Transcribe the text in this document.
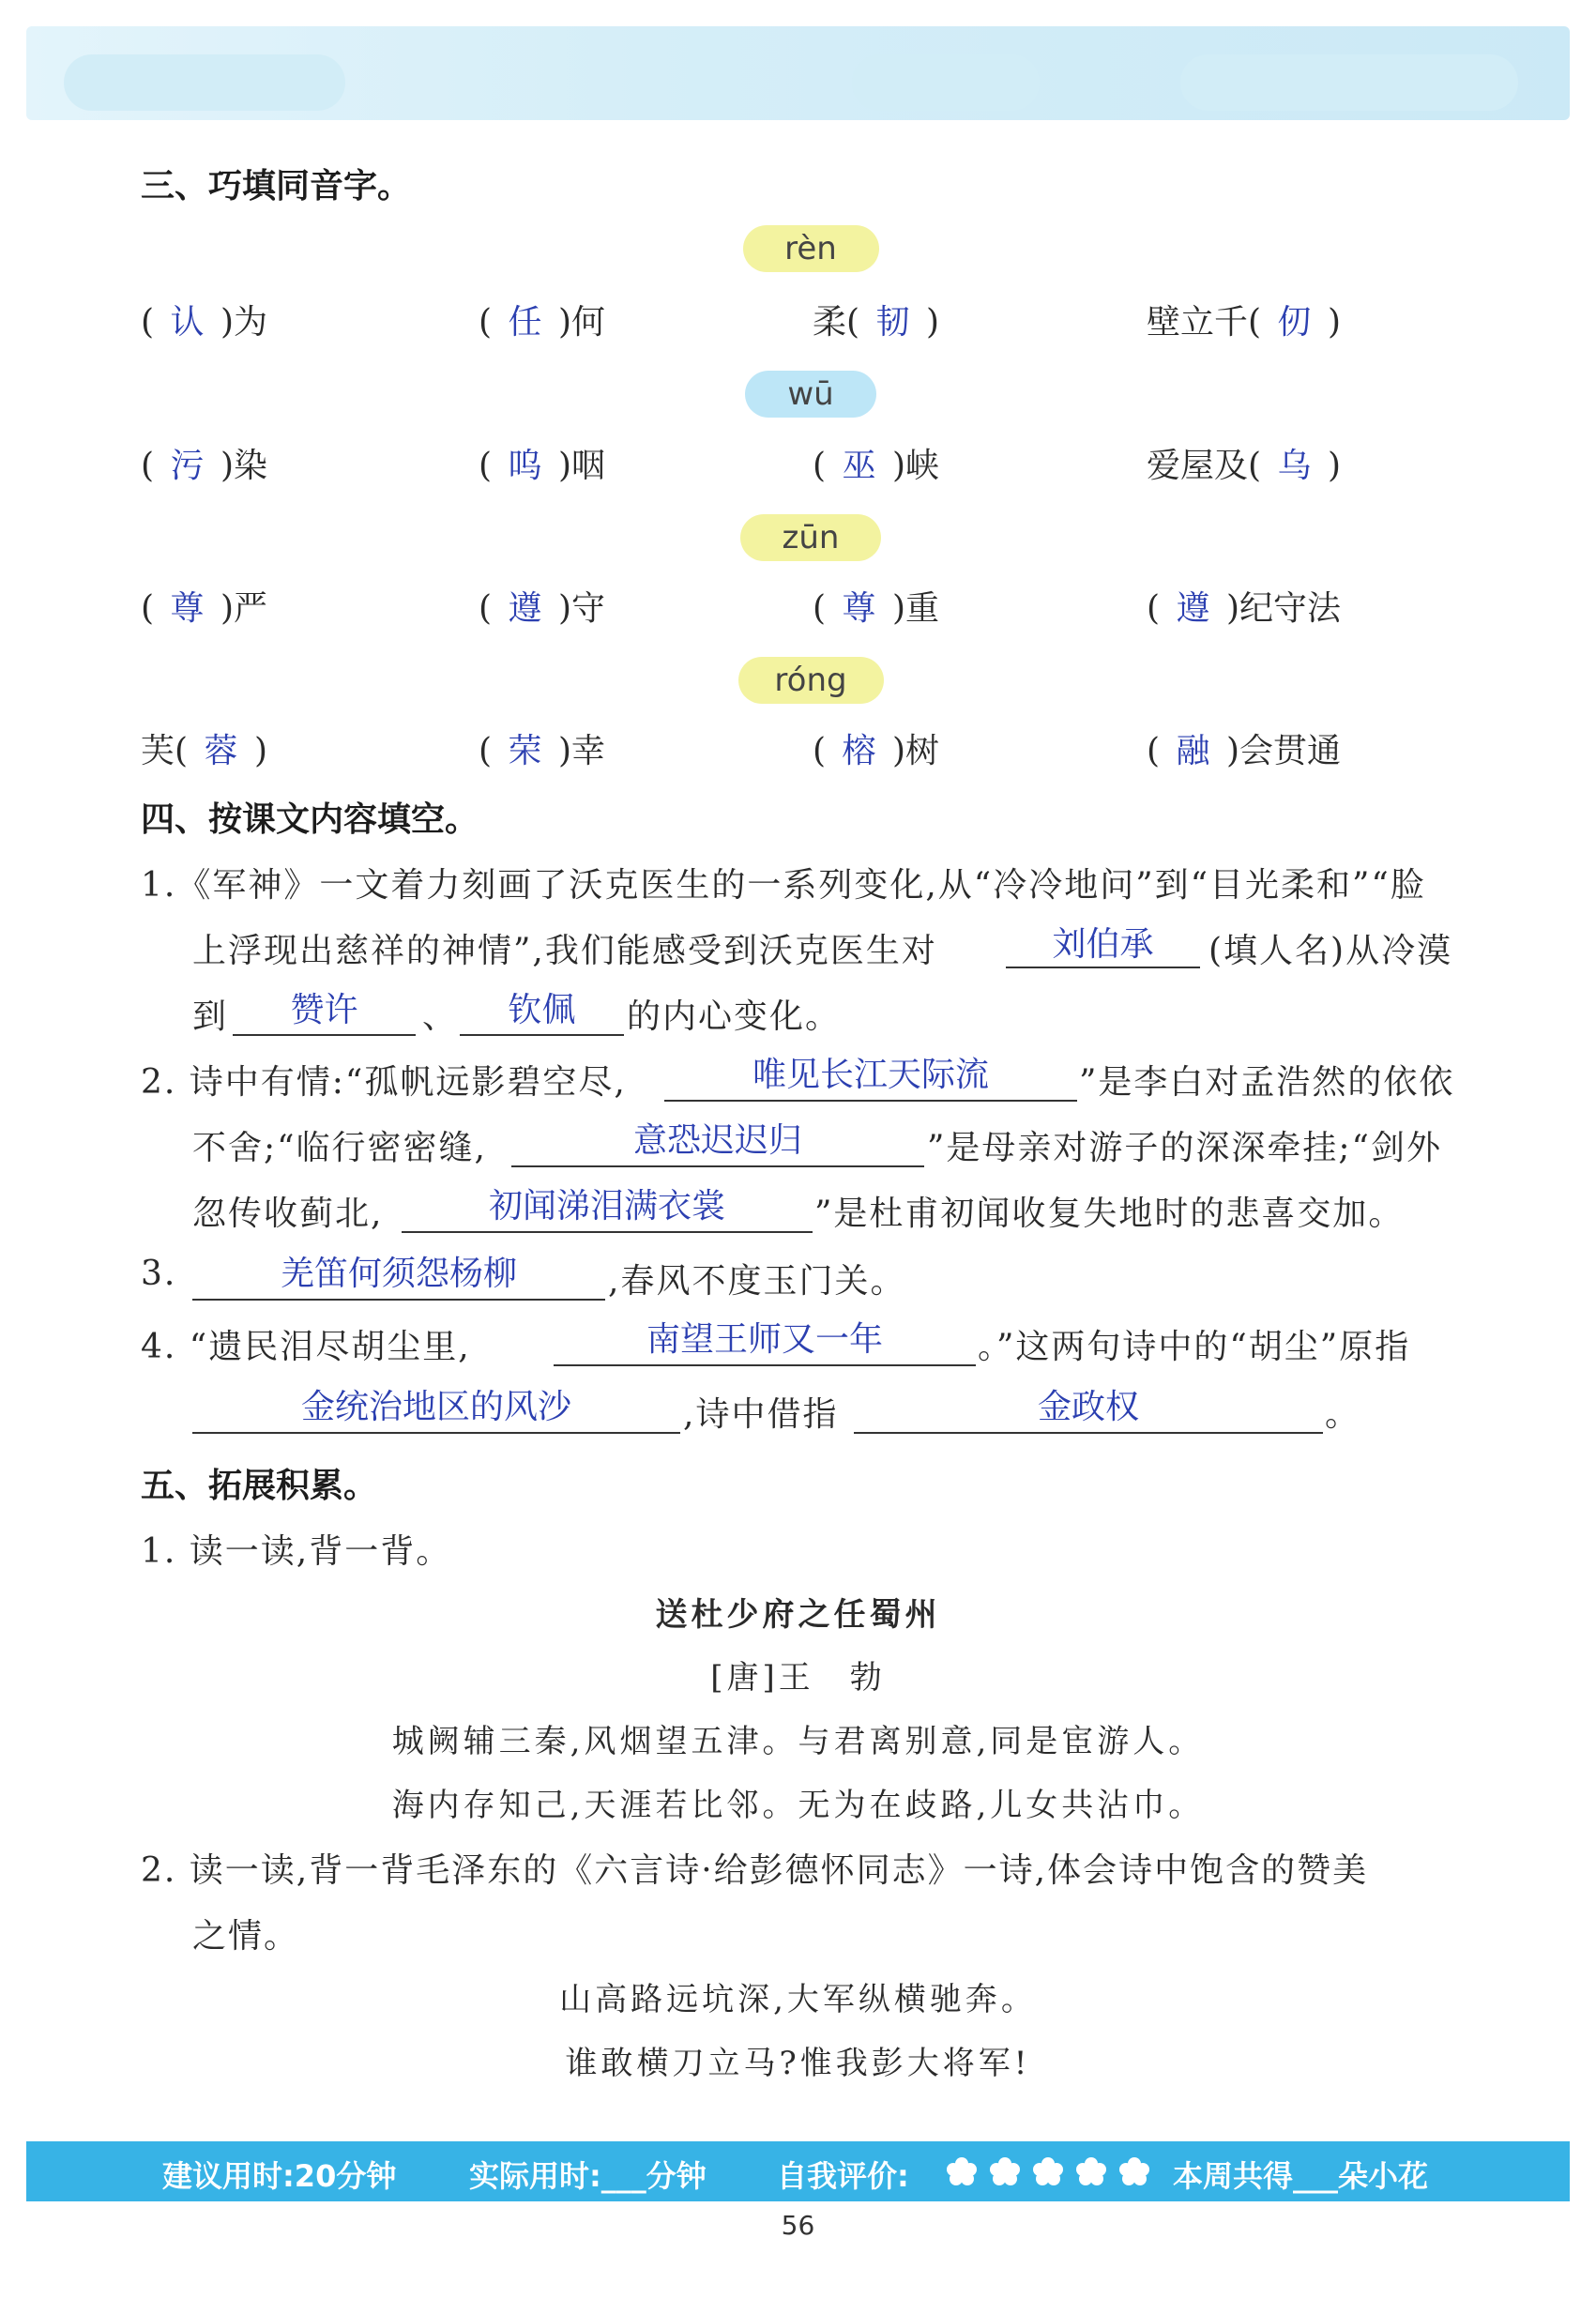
三、巧填同音字。
rèn
( 认 )为	( 任 )何	柔( 韧 )	壁立千( 仞 )
wū
( 污 )染	( 呜 )咽	( 巫 )峡	爱屋及( 乌 )
zūn
( 尊 )严	( 遵 )守	( 尊 )重	( 遵 )纪守法
róng
芙( 蓉 )	( 荣 )幸	( 榕 )树	( 融 )会贯通
四、按课文内容填空。
1.《军神》一文着力刻画了沃克医生的一系列变化,从“冷冷地问”到“目光柔和”“脸
上浮现出慈祥的神情”,我们能感受到沃克医生对	刘伯承	(填人名)从冷漠
到	赞许	、	钦佩	的内心变化。
2. 诗中有情:“孤帆远影碧空尽,	唯见长江天际流	”是李白对孟浩然的依依
不舍;“临行密密缝,	意恐迟迟归	”是母亲对游子的深深牵挂;“剑外
忽传收蓟北,	初闻涕泪满衣裳	”是杜甫初闻收复失地时的悲喜交加。
3.	羌笛何须怨杨柳	,春风不度玉门关。
4. “遗民泪尽胡尘里,	南望王师又一年	。”这两句诗中的“胡尘”原指
金统治地区的风沙	,诗中借指	金政权	。
五、拓展积累。
1. 读一读,背一背。
送杜少府之任蜀州
[唐]王　勃
城阙辅三秦,风烟望五津。与君离别意,同是宦游人。
海内存知己,天涯若比邻。无为在歧路,儿女共沾巾。
2. 读一读,背一背毛泽东的《六言诗·给彭德怀同志》一诗,体会诗中饱含的赞美
之情。
山高路远坑深,大军纵横驰奔。
谁敢横刀立马?惟我彭大将军!
建议用时:20分钟 实际用时:___分钟 自我评价:	本周共得___朵小花
56
